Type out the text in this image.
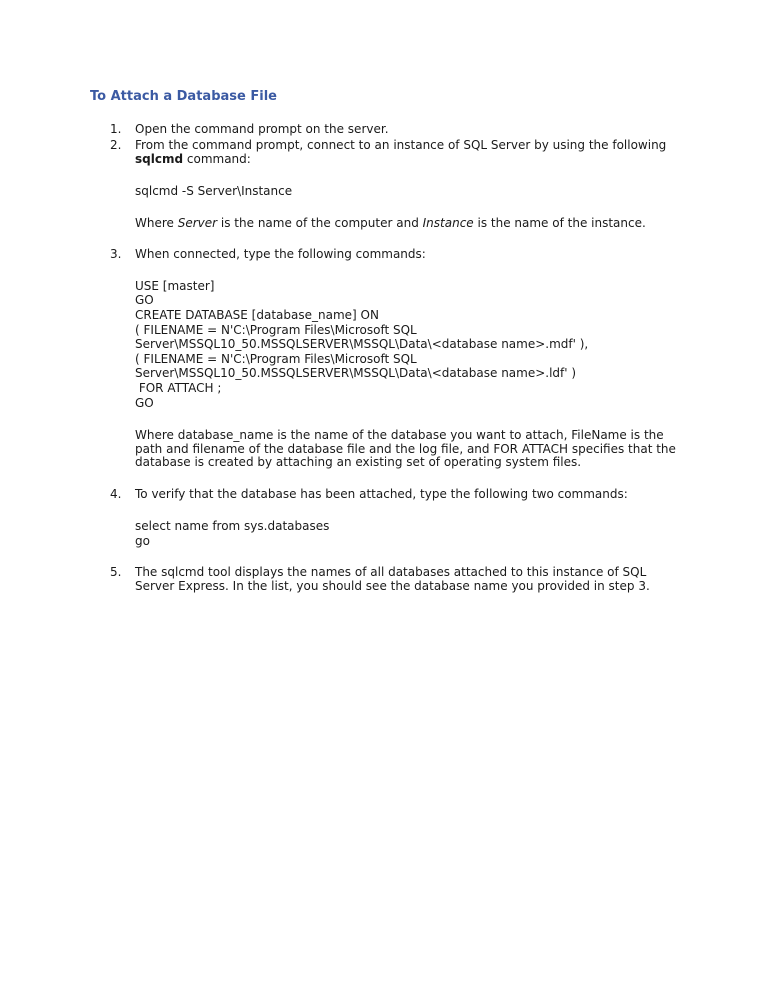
To Attach a Database File
1. Open the command prompt on the server.
2. From the command prompt, connect to an instance of SQL Server by using the following
sqlcmd command:
sqlcmd -S Server\Instance
Where Server is the name of the computer and Instance is the name of the instance.
3. When connected, type the following commands:
USE [master]
GO
CREATE DATABASE [database_name] ON
( FILENAME = N'C:\Program Files\Microsoft SQL
Server\MSSQL10_50.MSSQLSERVER\MSSQL\Data\<database name>.mdf' ),
( FILENAME = N'C:\Program Files\Microsoft SQL
Server\MSSQL10_50.MSSQLSERVER\MSSQL\Data\<database name>.ldf' )
FOR ATTACH ;
GO
Where database_name is the name of the database you want to attach, FileName is the
path and filename of the database file and the log file, and FOR ATTACH specifies that the
database is created by attaching an existing set of operating system files.
4. To verify that the database has been attached, type the following two commands:
select name from sys.databases
go
5. The sqlcmd tool displays the names of all databases attached to this instance of SQL
Server Express. In the list, you should see the database name you provided in step 3.
